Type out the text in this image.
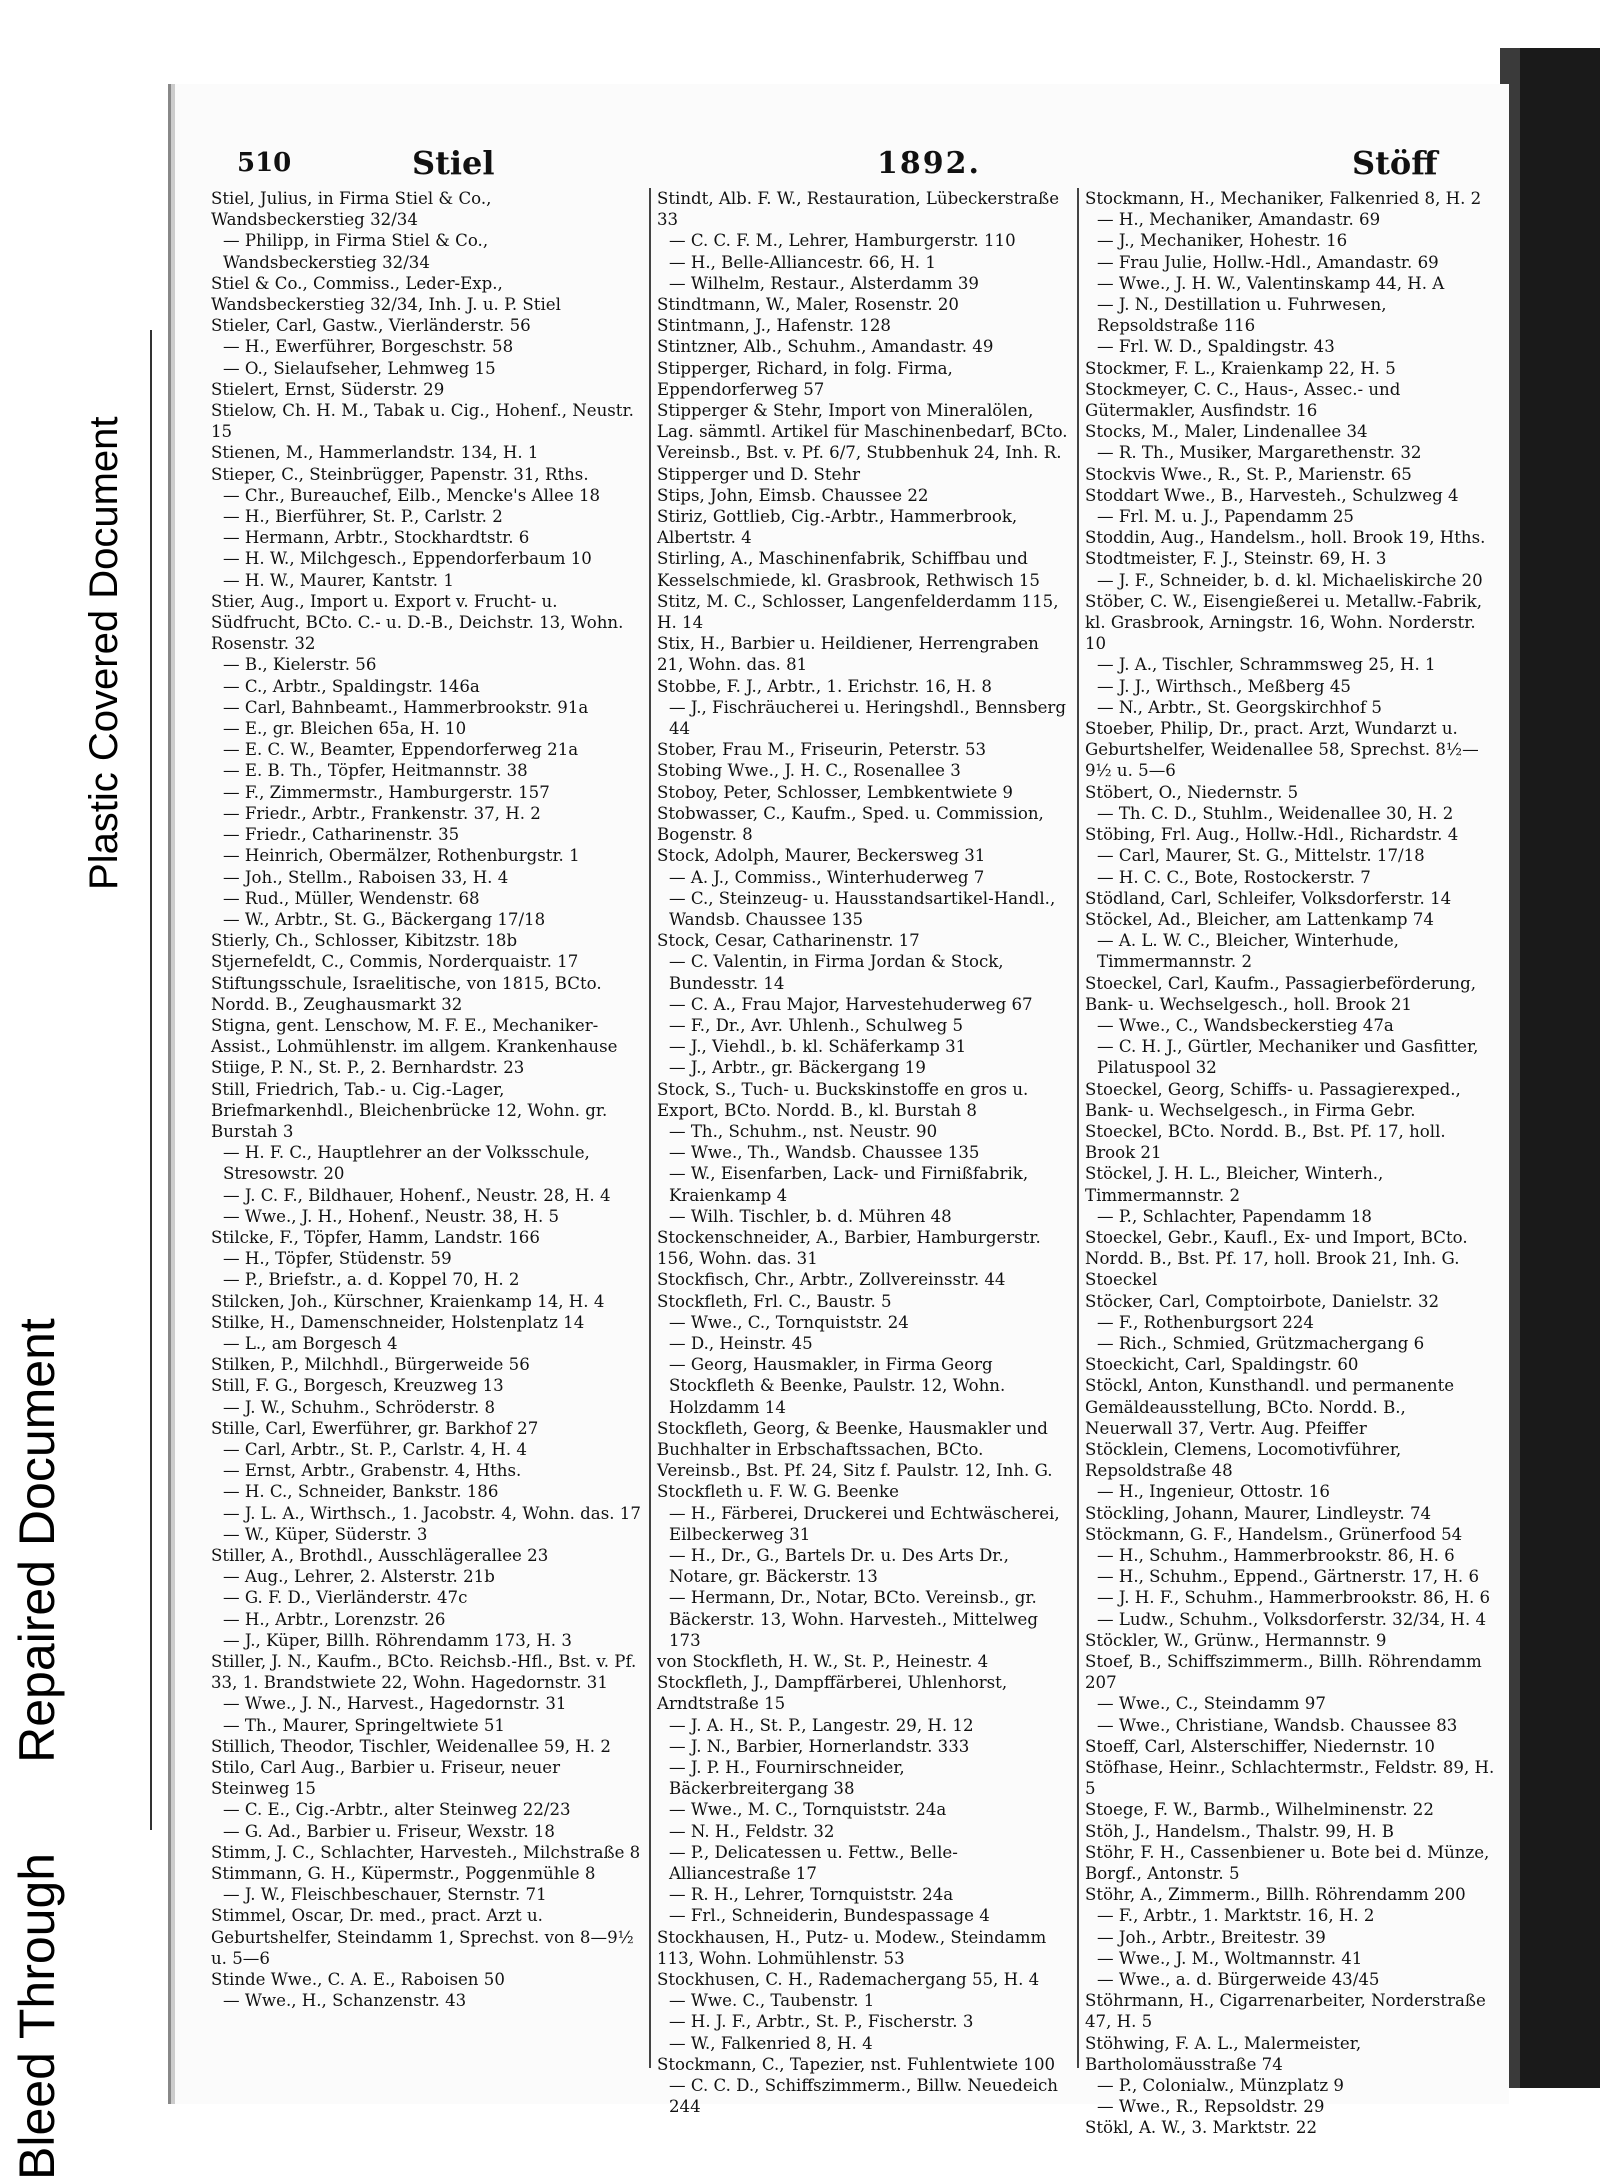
Bleed ThroughRepaired Document
Plastic Covered Document
510	Stiel	1892.	Stöff
Stiel, Julius, in Firma Stiel & Co., Wandsbeckerstieg 32/34
— Philipp, in Firma Stiel & Co., Wandsbeckerstieg 32/34
Stiel & Co., Commiss., Leder-Exp., Wandsbeckerstieg 32/34, Inh. J. u. P. Stiel
Stieler, Carl, Gastw., Vierländerstr. 56
— H., Ewerführer, Borgeschstr. 58
— O., Sielaufseher, Lehmweg 15
Stielert, Ernst, Süderstr. 29
Stielow, Ch. H. M., Tabak u. Cig., Hohenf., Neustr. 15
Stienen, M., Hammerlandstr. 134, H. 1
Stieper, C., Steinbrügger, Papenstr. 31, Rths.
— Chr., Bureauchef, Eilb., Mencke's Allee 18
— H., Bierführer, St. P., Carlstr. 2
— Hermann, Arbtr., Stockhardtstr. 6
— H. W., Milchgesch., Eppendorferbaum 10
— H. W., Maurer, Kantstr. 1
Stier, Aug., Import u. Export v. Frucht- u. Südfrucht, BCto. C.- u. D.-B., Deichstr. 13, Wohn. Rosenstr. 32
— B., Kielerstr. 56
— C., Arbtr., Spaldingstr. 146a
— Carl, Bahnbeamt., Hammerbrookstr. 91a
— E., gr. Bleichen 65a, H. 10
— E. C. W., Beamter, Eppendorferweg 21a
— E. B. Th., Töpfer, Heitmannstr. 38
— F., Zimmermstr., Hamburgerstr. 157
— Friedr., Arbtr., Frankenstr. 37, H. 2
— Friedr., Catharinenstr. 35
— Heinrich, Obermälzer, Rothenburgstr. 1
— Joh., Stellm., Raboisen 33, H. 4
— Rud., Müller, Wendenstr. 68
— W., Arbtr., St. G., Bäckergang 17/18
Stierly, Ch., Schlosser, Kibitzstr. 18b
Stjernefeldt, C., Commis, Norderquaistr. 17
Stiftungsschule, Israelitische, von 1815, BCto. Nordd. B., Zeughausmarkt 32
Stigna, gent. Lenschow, M. F. E., Mechaniker-Assist., Lohmühlenstr. im allgem. Krankenhause
Stiige, P. N., St. P., 2. Bernhardstr. 23
Still, Friedrich, Tab.- u. Cig.-Lager, Briefmarkenhdl., Bleichenbrücke 12, Wohn. gr. Burstah 3
— H. F. C., Hauptlehrer an der Volksschule, Stresowstr. 20
— J. C. F., Bildhauer, Hohenf., Neustr. 28, H. 4
— Wwe., J. H., Hohenf., Neustr. 38, H. 5
Stilcke, F., Töpfer, Hamm, Landstr. 166
— H., Töpfer, Stüdenstr. 59
— P., Briefstr., a. d. Koppel 70, H. 2
Stilcken, Joh., Kürschner, Kraienkamp 14, H. 4
Stilke, H., Damenschneider, Holstenplatz 14
— L., am Borgesch 4
Stilken, P., Milchhdl., Bürgerweide 56
Still, F. G., Borgesch, Kreuzweg 13
— J. W., Schuhm., Schröderstr. 8
Stille, Carl, Ewerführer, gr. Barkhof 27
— Carl, Arbtr., St. P., Carlstr. 4, H. 4
— Ernst, Arbtr., Grabenstr. 4, Hths.
— H. C., Schneider, Bankstr. 186
— J. L. A., Wirthsch., 1. Jacobstr. 4, Wohn. das. 17
— W., Küper, Süderstr. 3
Stiller, A., Brothdl., Ausschlägerallee 23
— Aug., Lehrer, 2. Alsterstr. 21b
— G. F. D., Vierländerstr. 47c
— H., Arbtr., Lorenzstr. 26
— J., Küper, Billh. Röhrendamm 173, H. 3
Stiller, J. N., Kaufm., BCto. Reichsb.-Hfl., Bst. v. Pf. 33, 1. Brandstwiete 22, Wohn. Hagedornstr. 31
— Wwe., J. N., Harvest., Hagedornstr. 31
— Th., Maurer, Springeltwiete 51
Stillich, Theodor, Tischler, Weidenallee 59, H. 2
Stilo, Carl Aug., Barbier u. Friseur, neuer Steinweg 15
— C. E., Cig.-Arbtr., alter Steinweg 22/23
— G. Ad., Barbier u. Friseur, Wexstr. 18
Stimm, J. C., Schlachter, Harvesteh., Milchstraße 8
Stimmann, G. H., Küpermstr., Poggenmühle 8
— J. W., Fleischbeschauer, Sternstr. 71
Stimmel, Oscar, Dr. med., pract. Arzt u. Geburtshelfer, Steindamm 1, Sprechst. von 8—9½ u. 5—6
Stinde Wwe., C. A. E., Raboisen 50
— Wwe., H., Schanzenstr. 43
Stindt, Alb. F. W., Restauration, Lübeckerstraße 33
— C. C. F. M., Lehrer, Hamburgerstr. 110
— H., Belle-Alliancestr. 66, H. 1
— Wilhelm, Restaur., Alsterdamm 39
Stindtmann, W., Maler, Rosenstr. 20
Stintmann, J., Hafenstr. 128
Stintzner, Alb., Schuhm., Amandastr. 49
Stipperger, Richard, in folg. Firma, Eppendorferweg 57
Stipperger & Stehr, Import von Mineralölen, Lag. sämmtl. Artikel für Maschinenbedarf, BCto. Vereinsb., Bst. v. Pf. 6/7, Stubbenhuk 24, Inh. R. Stipperger und D. Stehr
Stips, John, Eimsb. Chaussee 22
Stiriz, Gottlieb, Cig.-Arbtr., Hammerbrook, Albertstr. 4
Stirling, A., Maschinenfabrik, Schiffbau und Kesselschmiede, kl. Grasbrook, Rethwisch 15
Stitz, M. C., Schlosser, Langenfelderdamm 115, H. 14
Stix, H., Barbier u. Heildiener, Herrengraben 21, Wohn. das. 81
Stobbe, F. J., Arbtr., 1. Erichstr. 16, H. 8
— J., Fischräucherei u. Heringshdl., Bennsberg 44
Stober, Frau M., Friseurin, Peterstr. 53
Stobing Wwe., J. H. C., Rosenallee 3
Stoboy, Peter, Schlosser, Lembkentwiete 9
Stobwasser, C., Kaufm., Sped. u. Commission, Bogenstr. 8
Stock, Adolph, Maurer, Beckersweg 31
— A. J., Commiss., Winterhuderweg 7
— C., Steinzeug- u. Hausstandsartikel-Handl., Wandsb. Chaussee 135
Stock, Cesar, Catharinenstr. 17
— C. Valentin, in Firma Jordan & Stock, Bundesstr. 14
— C. A., Frau Major, Harvestehuderweg 67
— F., Dr., Avr. Uhlenh., Schulweg 5
— J., Viehdl., b. kl. Schäferkamp 31
— J., Arbtr., gr. Bäckergang 19
Stock, S., Tuch- u. Buckskinstoffe en gros u. Export, BCto. Nordd. B., kl. Burstah 8
— Th., Schuhm., nst. Neustr. 90
— Wwe., Th., Wandsb. Chaussee 135
— W., Eisenfarben, Lack- und Firnißfabrik, Kraienkamp 4
— Wilh. Tischler, b. d. Mühren 48
Stockenschneider, A., Barbier, Hamburgerstr. 156, Wohn. das. 31
Stockfisch, Chr., Arbtr., Zollvereinsstr. 44
Stockfleth, Frl. C., Baustr. 5
— Wwe., C., Tornquiststr. 24
— D., Heinstr. 45
— Georg, Hausmakler, in Firma Georg Stockfleth & Beenke, Paulstr. 12, Wohn. Holzdamm 14
Stockfleth, Georg, & Beenke, Hausmakler und Buchhalter in Erbschaftssachen, BCto. Vereinsb., Bst. Pf. 24, Sitz f. Paulstr. 12, Inh. G. Stockfleth u. F. W. G. Beenke
— H., Färberei, Druckerei und Echtwäscherei, Eilbeckerweg 31
— H., Dr., G., Bartels Dr. u. Des Arts Dr., Notare, gr. Bäckerstr. 13
— Hermann, Dr., Notar, BCto. Vereinsb., gr. Bäckerstr. 13, Wohn. Harvesteh., Mittelweg 173
von Stockfleth, H. W., St. P., Heinestr. 4
Stockfleth, J., Dampffärberei, Uhlenhorst, Arndtstraße 15
— J. A. H., St. P., Langestr. 29, H. 12
— J. N., Barbier, Hornerlandstr. 333
— J. P. H., Fournirschneider, Bäckerbreitergang 38
— Wwe., M. C., Tornquiststr. 24a
— N. H., Feldstr. 32
— P., Delicatessen u. Fettw., Belle-Alliancestraße 17
— R. H., Lehrer, Tornquiststr. 24a
— Frl., Schneiderin, Bundespassage 4
Stockhausen, H., Putz- u. Modew., Steindamm 113, Wohn. Lohmühlenstr. 53
Stockhusen, C. H., Rademachergang 55, H. 4
— Wwe. C., Taubenstr. 1
— H. J. F., Arbtr., St. P., Fischerstr. 3
— W., Falkenried 8, H. 4
Stockmann, C., Tapezier, nst. Fuhlentwiete 100
— C. C. D., Schiffszimmerm., Billw. Neuedeich 244
Stockmann, H., Mechaniker, Falkenried 8, H. 2
— H., Mechaniker, Amandastr. 69
— J., Mechaniker, Hohestr. 16
— Frau Julie, Hollw.-Hdl., Amandastr. 69
— Wwe., J. H. W., Valentinskamp 44, H. A
— J. N., Destillation u. Fuhrwesen, Repsoldstraße 116
— Frl. W. D., Spaldingstr. 43
Stockmer, F. L., Kraienkamp 22, H. 5
Stockmeyer, C. C., Haus-, Assec.- und Gütermakler, Ausfindstr. 16
Stocks, M., Maler, Lindenallee 34
— R. Th., Musiker, Margarethenstr. 32
Stockvis Wwe., R., St. P., Marienstr. 65
Stoddart Wwe., B., Harvesteh., Schulzweg 4
— Frl. M. u. J., Papendamm 25
Stoddin, Aug., Handelsm., holl. Brook 19, Hths.
Stodtmeister, F. J., Steinstr. 69, H. 3
— J. F., Schneider, b. d. kl. Michaeliskirche 20
Stöber, C. W., Eisengießerei u. Metallw.-Fabrik, kl. Grasbrook, Arningstr. 16, Wohn. Norderstr. 10
— J. A., Tischler, Schrammsweg 25, H. 1
— J. J., Wirthsch., Meßberg 45
— N., Arbtr., St. Georgskirchhof 5
Stoeber, Philip, Dr., pract. Arzt, Wundarzt u. Geburtshelfer, Weidenallee 58, Sprechst. 8½—9½ u. 5—6
Stöbert, O., Niedernstr. 5
— Th. C. D., Stuhlm., Weidenallee 30, H. 2
Stöbing, Frl. Aug., Hollw.-Hdl., Richardstr. 4
— Carl, Maurer, St. G., Mittelstr. 17/18
— H. C. C., Bote, Rostockerstr. 7
Stödland, Carl, Schleifer, Volksdorferstr. 14
Stöckel, Ad., Bleicher, am Lattenkamp 74
— A. L. W. C., Bleicher, Winterhude, Timmermannstr. 2
Stoeckel, Carl, Kaufm., Passagierbeförderung, Bank- u. Wechselgesch., holl. Brook 21
— Wwe., C., Wandsbeckerstieg 47a
— C. H. J., Gürtler, Mechaniker und Gasfitter, Pilatuspool 32
Stoeckel, Georg, Schiffs- u. Passagierexped., Bank- u. Wechselgesch., in Firma Gebr. Stoeckel, BCto. Nordd. B., Bst. Pf. 17, holl. Brook 21
Stöckel, J. H. L., Bleicher, Winterh., Timmermannstr. 2
— P., Schlachter, Papendamm 18
Stoeckel, Gebr., Kaufl., Ex- und Import, BCto. Nordd. B., Bst. Pf. 17, holl. Brook 21, Inh. G. Stoeckel
Stöcker, Carl, Comptoirbote, Danielstr. 32
— F., Rothenburgsort 224
— Rich., Schmied, Grützmachergang 6
Stoeckicht, Carl, Spaldingstr. 60
Stöckl, Anton, Kunsthandl. und permanente Gemäldeausstellung, BCto. Nordd. B., Neuerwall 37, Vertr. Aug. Pfeiffer
Stöcklein, Clemens, Locomotivführer, Repsoldstraße 48
— H., Ingenieur, Ottostr. 16
Stöckling, Johann, Maurer, Lindleystr. 74
Stöckmann, G. F., Handelsm., Grünerfood 54
— H., Schuhm., Hammerbrookstr. 86, H. 6
— H., Schuhm., Eppend., Gärtnerstr. 17, H. 6
— J. H. F., Schuhm., Hammerbrookstr. 86, H. 6
— Ludw., Schuhm., Volksdorferstr. 32/34, H. 4
Stöckler, W., Grünw., Hermannstr. 9
Stoef, B., Schiffszimmerm., Billh. Röhrendamm 207
— Wwe., C., Steindamm 97
— Wwe., Christiane, Wandsb. Chaussee 83
Stoeff, Carl, Alsterschiffer, Niedernstr. 10
Stöfhase, Heinr., Schlachtermstr., Feldstr. 89, H. 5
Stoege, F. W., Barmb., Wilhelminenstr. 22
Stöh, J., Handelsm., Thalstr. 99, H. B
Stöhr, F. H., Cassenbiener u. Bote bei d. Münze, Borgf., Antonstr. 5
Stöhr, A., Zimmerm., Billh. Röhrendamm 200
— F., Arbtr., 1. Marktstr. 16, H. 2
— Joh., Arbtr., Breitestr. 39
— Wwe., J. M., Woltmannstr. 41
— Wwe., a. d. Bürgerweide 43/45
Stöhrmann, H., Cigarrenarbeiter, Norderstraße 47, H. 5
Stöhwing, F. A. L., Malermeister, Bartholomäusstraße 74
— P., Colonialw., Münzplatz 9
— Wwe., R., Repsoldstr. 29
Stökl, A. W., 3. Marktstr. 22
